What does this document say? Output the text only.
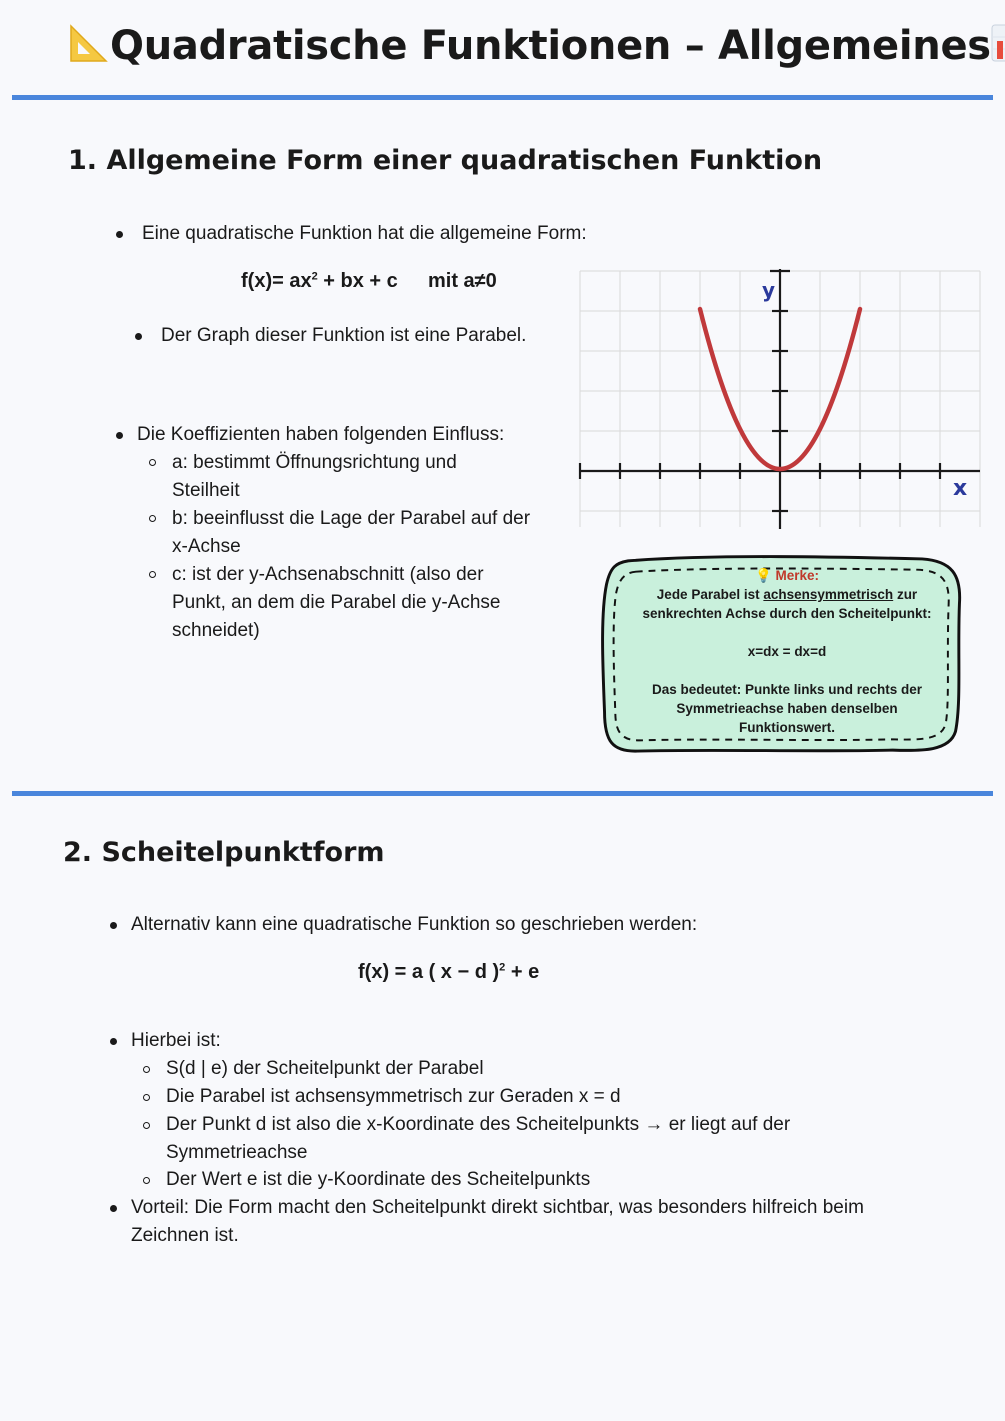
Quadratische Funktionen – Allgemeines
1. Allgemeine Form einer quadratischen Funktion
Eine quadratische Funktion hat die allgemeine Form:
$f(x)= ax^2$ + bx + c mit a≠0
Der Graph dieser Funktion ist eine Parabel.
Die Koeffizienten haben folgenden Einfluss:
a: bestimmt Öffnungsrichtung und
Steilheit
b: beeinflusst die Lage der Parabel auf der
x-Achse
c: ist der y-Achsenabschnitt (also der
Punkt, an dem die Parabel die y-Achse
schneidet)
y
x
💡 Merke:
Jede Parabel ist achsensymmetrisch zur
senkrechten Achse durch den Scheitelpunkt:
x=dx = dx=d
Das bedeutet: Punkte links und rechts der
Symmetrieachse haben denselben
Funktionswert.
2. Scheitelpunktform
Alternativ kann eine quadratische Funktion so geschrieben werden:
f(x) = a ( x − d )$^2$ + e
Hierbei ist:
S(d | e) der Scheitelpunkt der Parabel
Die Parabel ist achsensymmetrisch zur Geraden x = d
Der Punkt d ist also die x-Koordinate des Scheitelpunkts → er liegt auf der
Symmetrieachse
Der Wert e ist die y-Koordinate des Scheitelpunkts
Vorteil: Die Form macht den Scheitelpunkt direkt sichtbar, was besonders hilfreich beim
Zeichnen ist.
